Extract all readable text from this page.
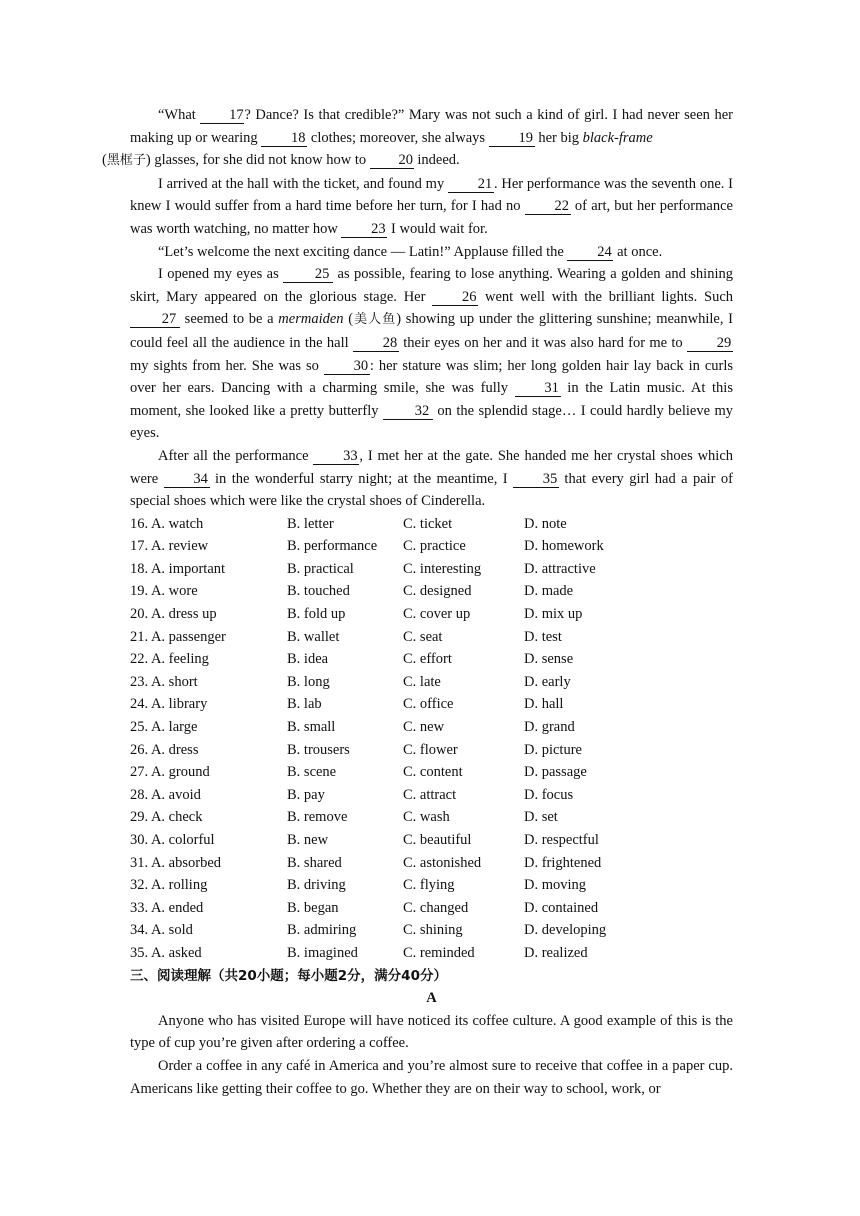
“What 17? Dance? Is that credible?” Mary was not such a kind of girl. I had never seen her making up or wearing 18 clothes; moreover, she always 19 her big black-frame
(黑框子) glasses, for she did not know how to 20 indeed.

I arrived at the hall with the ticket, and found my 21 . Her performance was the seventh one. I knew I would suffer from a hard time before her turn, for I had no 22 of art, but her performance was worth watching, no matter how 23 I would wait for.

“Let’s welcome the next exciting dance — Latin!” Applause filled the 24 at once.

I opened my eyes as 25 as possible, fearing to lose anything. Wearing a golden and shining skirt, Mary appeared on the glorious stage. Her 26 went well with the brilliant lights. Such 27 seemed to be a mermaiden (美人鱼) showing up under the glittering sunshine; meanwhile, I could feel all the audience in the hall 28 their eyes on her and it was also hard for me to 29 my sights from her. She was so 30 : her stature was slim; her long golden hair lay back in curls over her ears. Dancing with a charming smile, she was fully 31 in the Latin music. At this moment, she looked like a pretty butterfly 32 on the splendid stage… I could hardly believe my eyes.

After all the performance 33 , I met her at the gate. She handed me her crystal shoes which were 34 in the wonderful starry night; at the meantime, I 35 that every girl had a pair of special shoes which were like the crystal shoes of Cinderella.

16. A. watch	B. letter	C. ticket	D. note
17. A. review	B. performance	C. practice	D. homework
18. A. important	B. practical	C. interesting	D. attractive
19. A. wore	B. touched	C. designed	D. made
20. A. dress up	B. fold up	C. cover up	D. mix up
21. A. passenger	B. wallet	C. seat	D. test
22. A. feeling	B. idea	C. effort	D. sense
23. A. short	B. long	C. late	D. early
24. A. library	B. lab	C. office	D. hall
25. A. large	B. small	C. new	D. grand
26. A. dress	B. trousers	C. flower	D. picture
27. A. ground	B. scene	C. content	D. passage
28. A. avoid	B. pay	C. attract	D. focus
29. A. check	B. remove	C. wash	D. set
30. A. colorful	B. new	C. beautiful	D. respectful
31. A. absorbed	B. shared	C. astonished	D. frightened
32. A. rolling	B. driving	C. flying	D. moving
33. A. ended	B. began	C. changed	D. contained
34. A. sold	B. admiring	C. shining	D. developing
35. A. asked	B. imagined	C. reminded	D. realized

三、阅读理解（共20小题；每小题2分，满分40分）

A

Anyone who has visited Europe will have noticed its coffee culture. A good example of this is the type of cup you’re given after ordering a coffee.

Order a coffee in any café in America and you’re almost sure to receive that coffee in a paper cup. Americans like getting their coffee to go. Whether they are on their way to school, work, or
